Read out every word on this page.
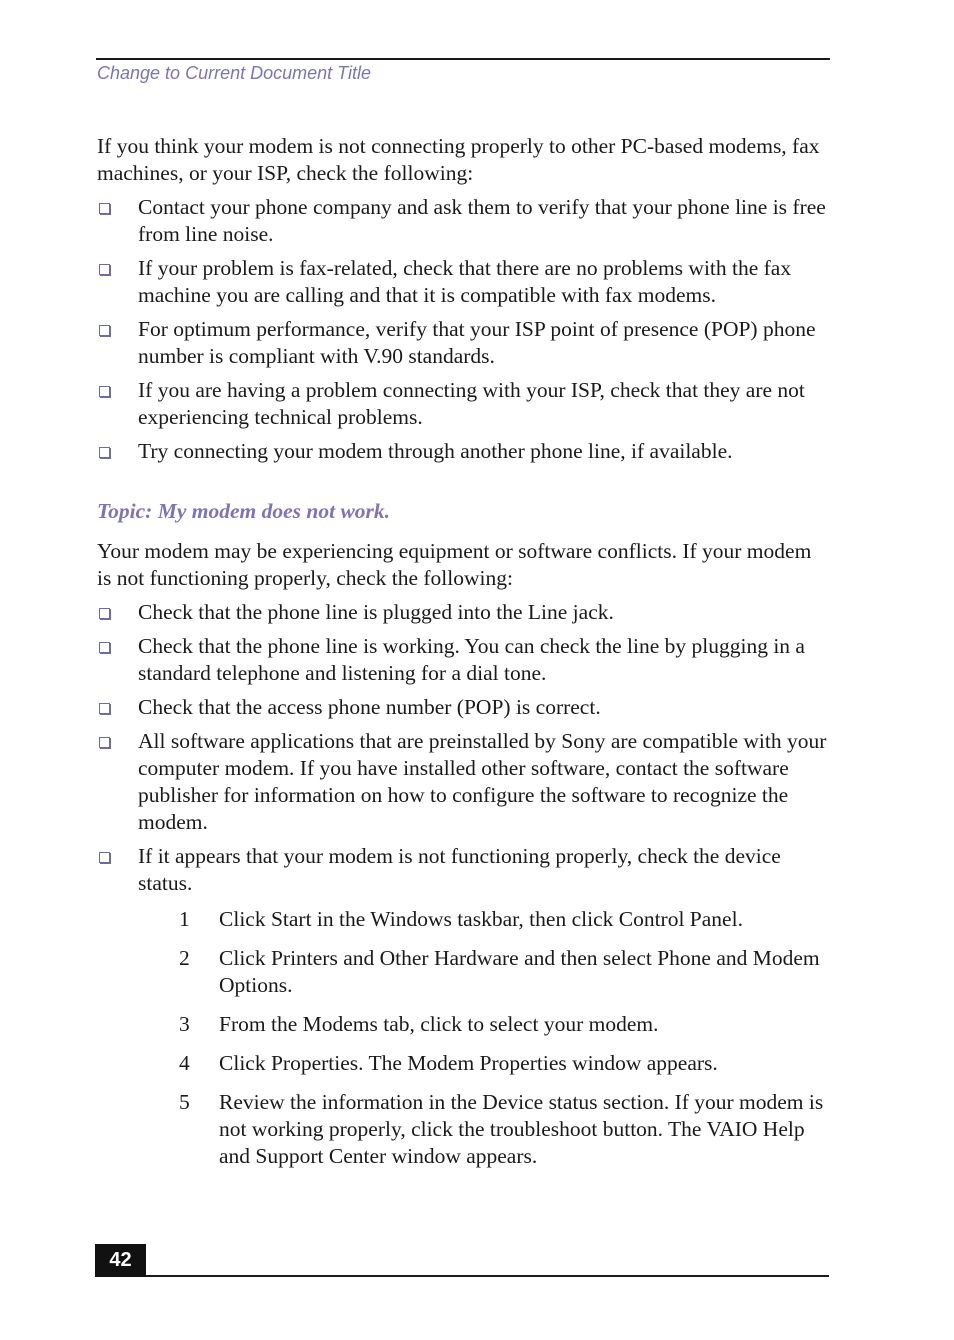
Change to Current Document Title

If you think your modem is not connecting properly to other PC-based modems, fax machines, or your ISP, check the following:

Contact your phone company and ask them to verify that your phone line is free from line noise.
If your problem is fax-related, check that there are no problems with the fax machine you are calling and that it is compatible with fax modems.
For optimum performance, verify that your ISP point of presence (POP) phone number is compliant with V.90 standards.
If you are having a problem connecting with your ISP, check that they are not experiencing technical problems.
Try connecting your modem through another phone line, if available.

Topic: My modem does not work.

Your modem may be experiencing equipment or software conflicts. If your modem is not functioning properly, check the following:

Check that the phone line is plugged into the Line jack.
Check that the phone line is working. You can check the line by plugging in a standard telephone and listening for a dial tone.
Check that the access phone number (POP) is correct.
All software applications that are preinstalled by Sony are compatible with your computer modem. If you have installed other software, contact the software publisher for information on how to configure the software to recognize the modem.
If it appears that your modem is not functioning properly, check the device status.
1 Click Start in the Windows taskbar, then click Control Panel.
2 Click Printers and Other Hardware and then select Phone and Modem Options.
3 From the Modems tab, click to select your modem.
4 Click Properties. The Modem Properties window appears.
5 Review the information in the Device status section. If your modem is not working properly, click the troubleshoot button. The VAIO Help and Support Center window appears.
42
